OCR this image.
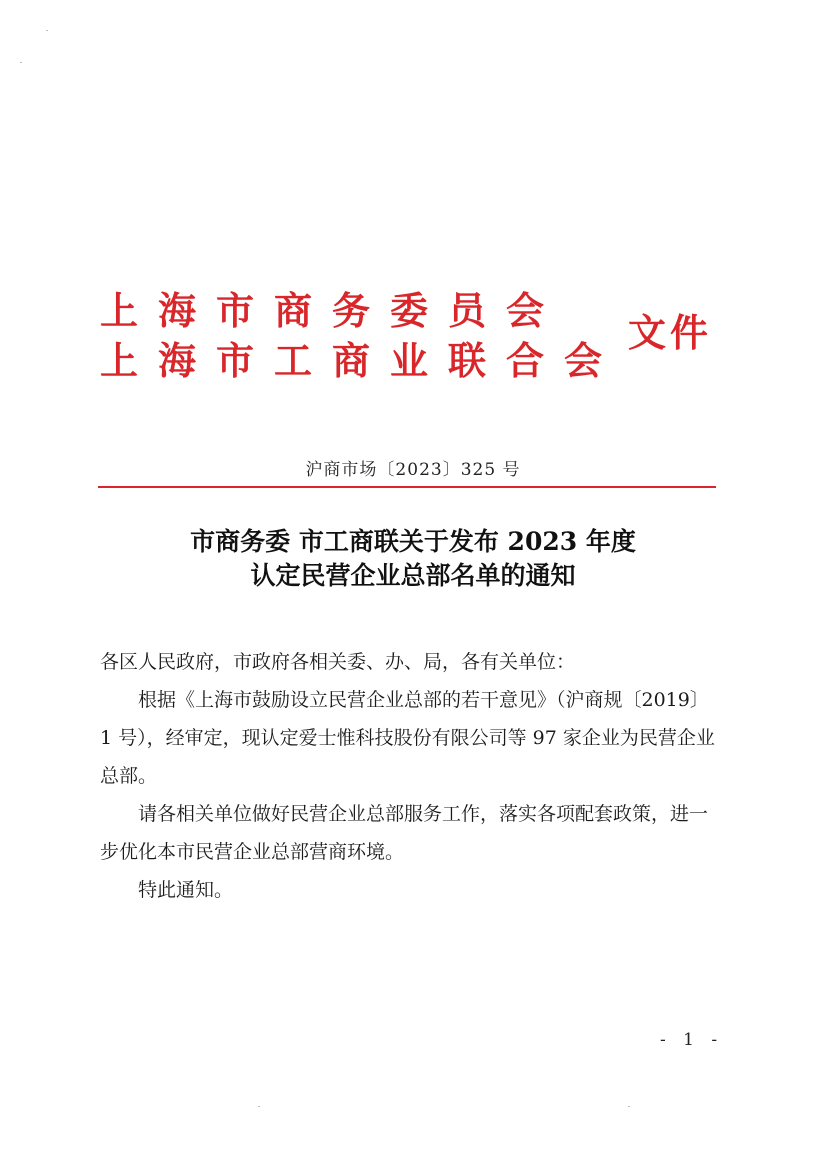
上海市商务委员会
上海市工商业联合会
文件
沪商市场〔2023〕325 号
市商务委 市工商联关于发布 2023 年度
认定民营企业总部名单的通知

各区人民政府，市政府各相关委、办、局，各有关单位：

根据《上海市鼓励设立民营企业总部的若干意见》（沪商规〔2019〕1 号），经审定，现认定爱士惟科技股份有限公司等 97 家企业为民营企业总部。

请各相关单位做好民营企业总部服务工作，落实各项配套政策，进一步优化本市民营企业总部营商环境。

特此通知。

- 1 -
